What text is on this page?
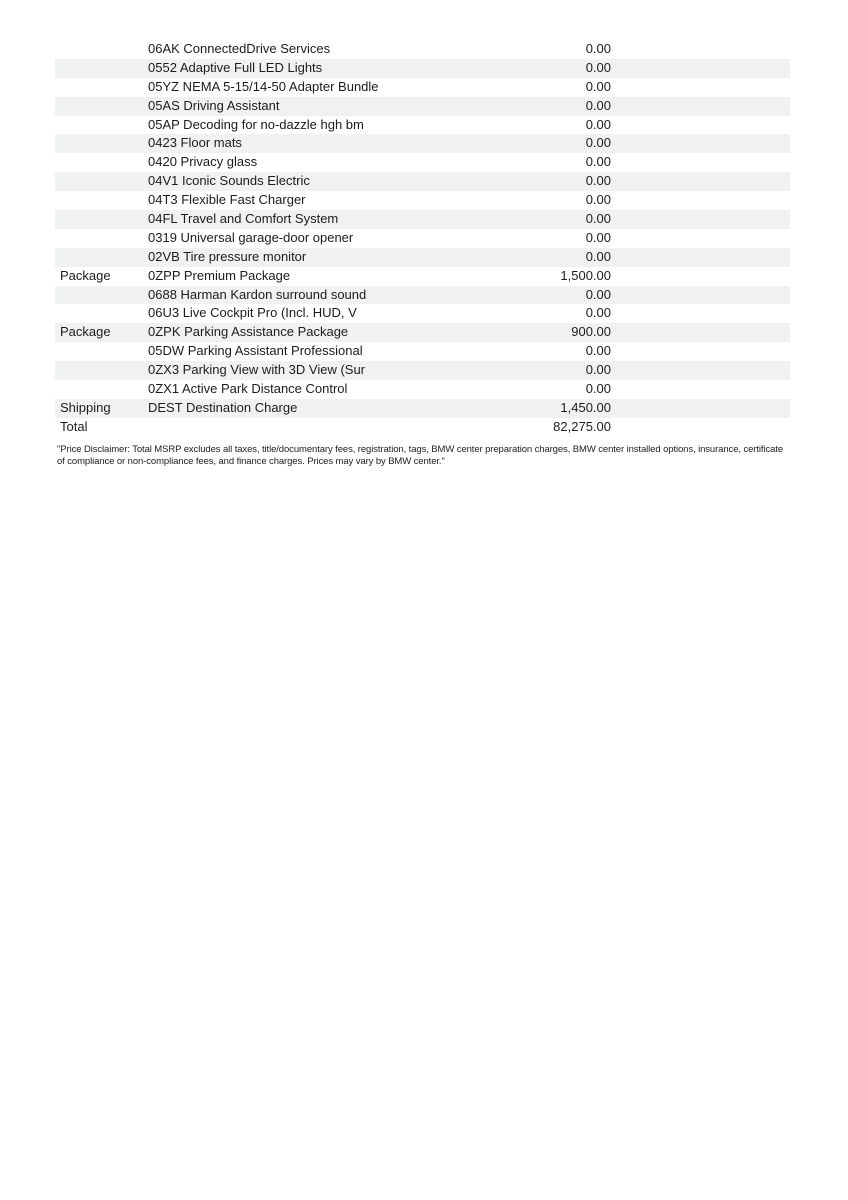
06AK ConnectedDrive Services	0.00
0552 Adaptive Full LED Lights	0.00
05YZ NEMA 5-15/14-50 Adapter Bundle	0.00
05AS Driving Assistant	0.00
05AP Decoding for no-dazzle hgh bm	0.00
0423 Floor mats	0.00
0420 Privacy glass	0.00
04V1 Iconic Sounds Electric	0.00
04T3 Flexible Fast Charger	0.00
04FL Travel and Comfort System	0.00
0319 Universal garage-door opener	0.00
02VB Tire pressure monitor	0.00
Package	0ZPP Premium Package	1,500.00
0688 Harman Kardon surround sound	0.00
06U3 Live Cockpit Pro (Incl. HUD, V	0.00
Package	0ZPK Parking Assistance Package	900.00
05DW Parking Assistant Professional	0.00
0ZX3 Parking View with 3D View (Sur	0.00
0ZX1 Active Park Distance Control	0.00
Shipping	DEST Destination Charge	1,450.00
Total	82,275.00
"Price Disclaimer: Total MSRP excludes all taxes, title/documentary fees, registration, tags, BMW center preparation charges, BMW center installed options, insurance, certificate of compliance or non-compliance fees, and finance charges. Prices may vary by BMW center."
